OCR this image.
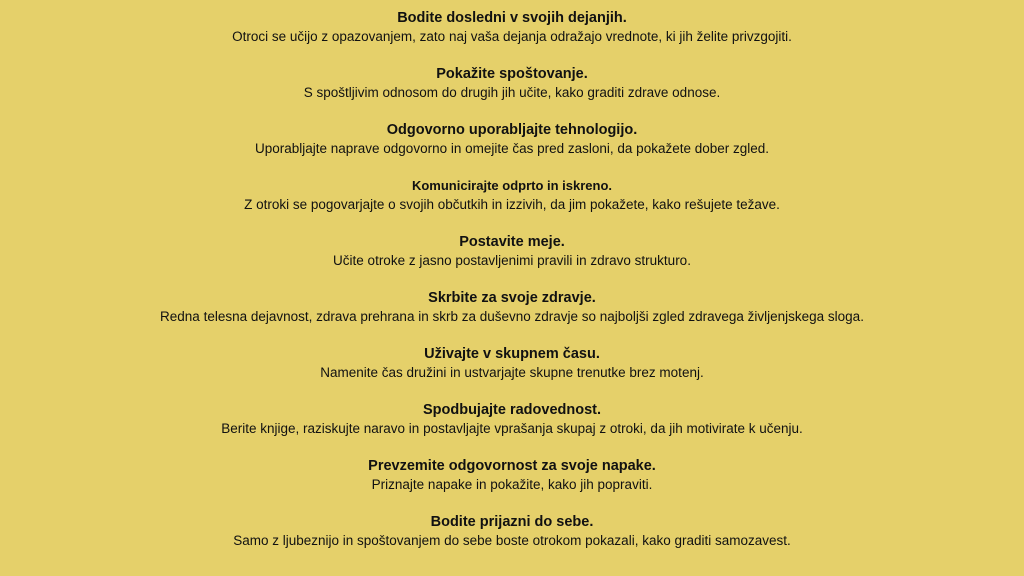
Bodite dosledni v svojih dejanjih.
Otroci se učijo z opazovanjem, zato naj vaša dejanja odražajo vrednote, ki jih želite privzgojiti.
Pokažite spoštovanje.
S spoštljivim odnosom do drugih jih učite, kako graditi zdrave odnose.
Odgovorno uporabljajte tehnologijo.
Uporabljajte naprave odgovorno in omejite čas pred zasloni, da pokažete dober zgled.
Komunicirajte odprto in iskreno.
Z otroki se pogovarjajte o svojih občutkih in izzivih, da jim pokažete, kako rešujete težave.
Postavite meje.
Učite otroke z jasno postavljenimi pravili in zdravo strukturo.
Skrbite za svoje zdravje.
Redna telesna dejavnost, zdrava prehrana in skrb za duševno zdravje so najboljši zgled zdravega življenjskega sloga.
Uživajte v skupnem času.
Namenite čas družini in ustvarjajte skupne trenutke brez motenj.
Spodbujajte radovednost.
Berite knjige, raziskujte naravo in postavljajte vprašanja skupaj z otroki, da jih motivirate k učenju.
Prevzemite odgovornost za svoje napake.
Priznajte napake in pokažite, kako jih popraviti.
Bodite prijazni do sebe.
Samo z ljubeznijo in spoštovanjem do sebe boste otrokom pokazali, kako graditi samozavest.
